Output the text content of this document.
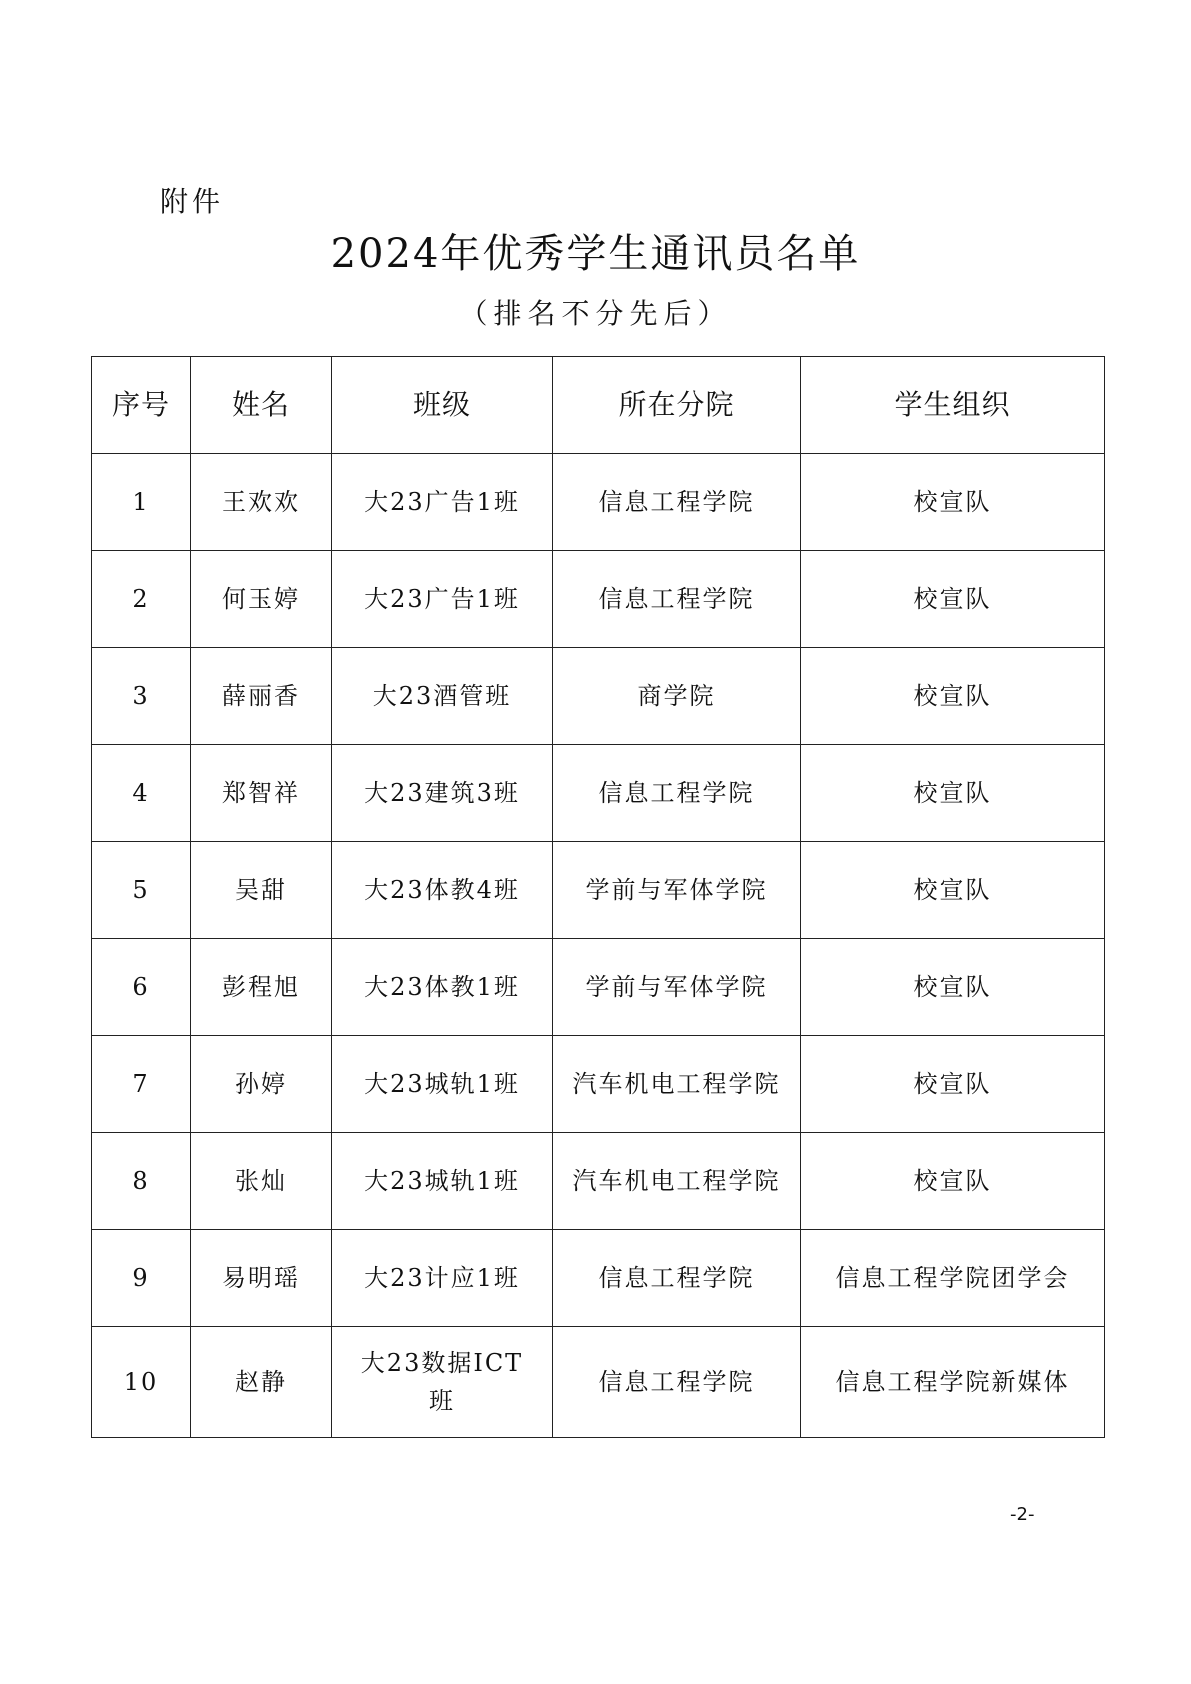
附件
2024年优秀学生通讯员名单
（排名不分先后）
序号	姓名	班级	所在分院	学生组织
1	王欢欢	大23广告1班	信息工程学院	校宣队
2	何玉婷	大23广告1班	信息工程学院	校宣队
3	薛丽香	大23酒管班	商学院	校宣队
4	郑智祥	大23建筑3班	信息工程学院	校宣队
5	吴甜	大23体教4班	学前与军体学院	校宣队
6	彭程旭	大23体教1班	学前与军体学院	校宣队
7	孙婷	大23城轨1班	汽车机电工程学院	校宣队
8	张灿	大23城轨1班	汽车机电工程学院	校宣队
9	易明瑶	大23计应1班	信息工程学院	信息工程学院团学会
10	赵静	大23数据ICT班	信息工程学院	信息工程学院新媒体
-2-
